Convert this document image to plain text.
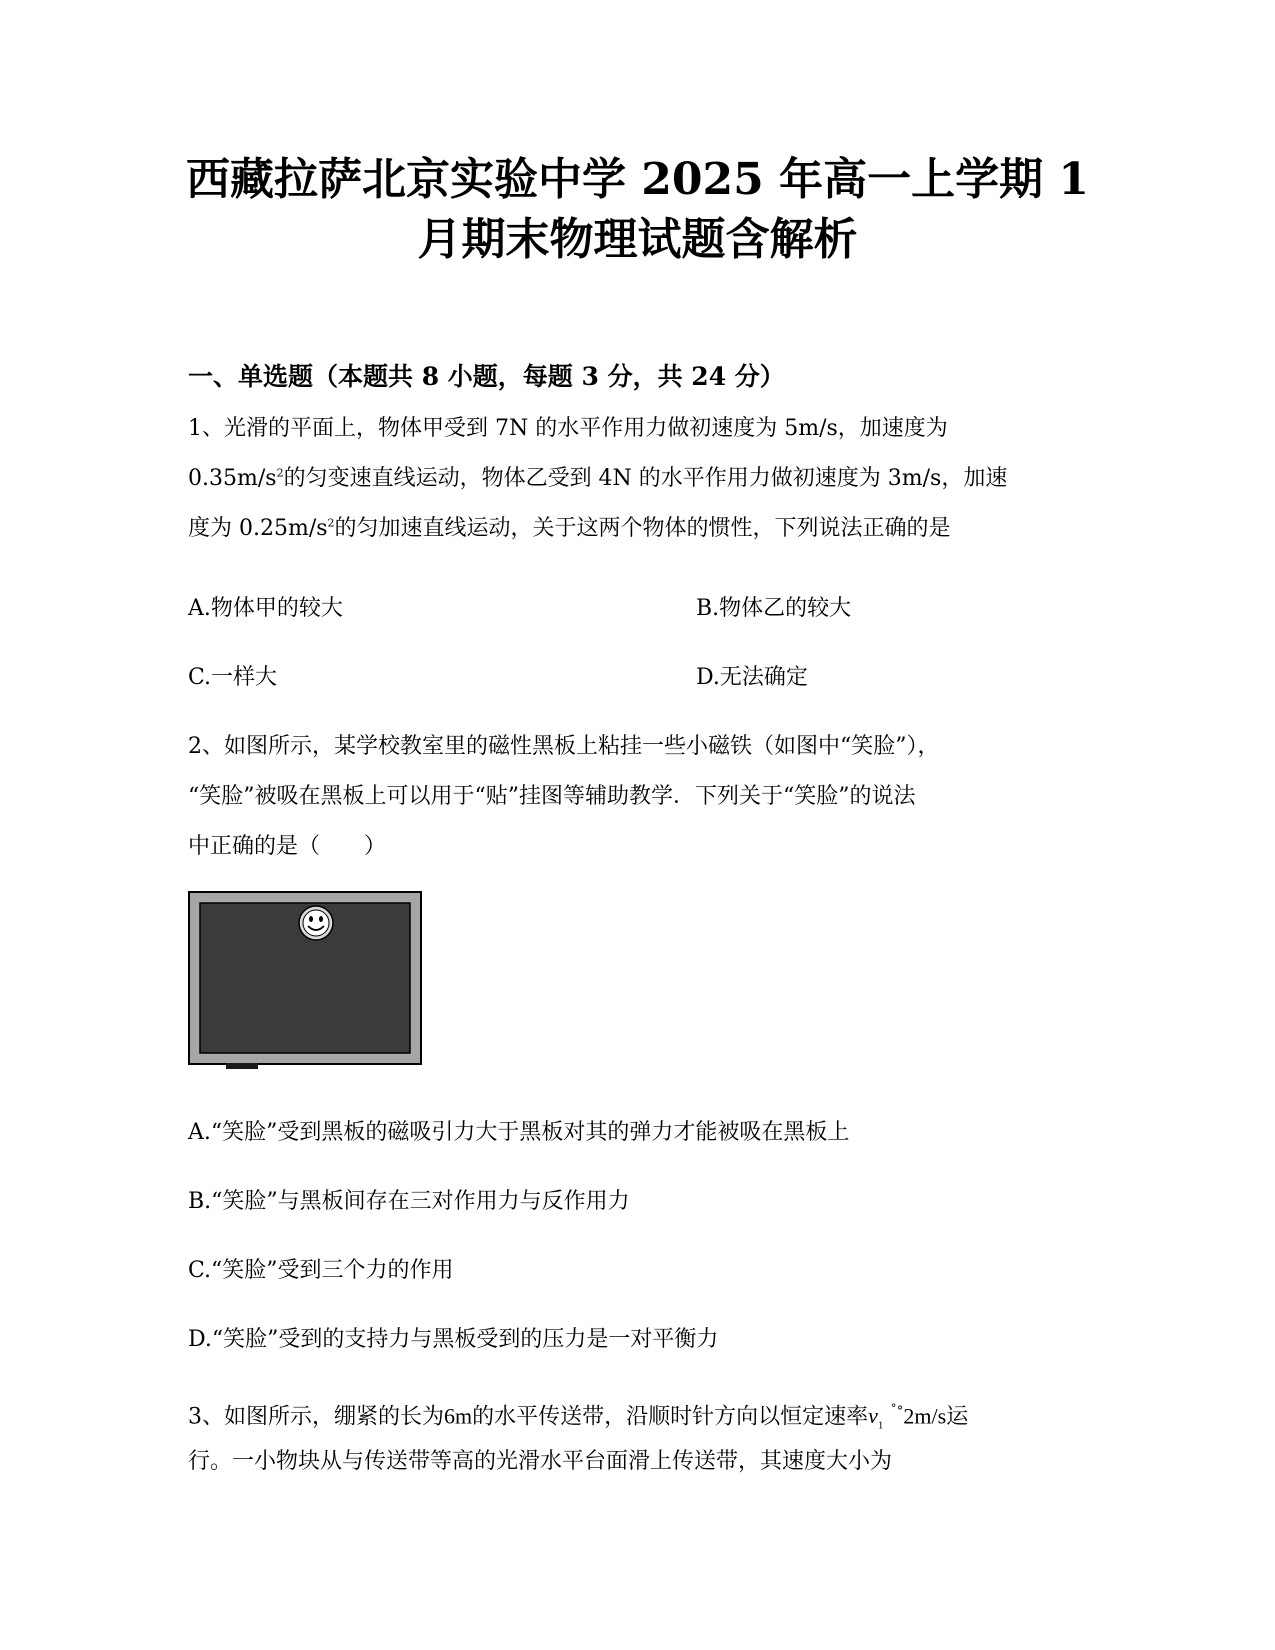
西藏拉萨北京实验中学 2025 年高一上学期 1
月期末物理试题含解析
一、单选题（本题共 8 小题，每题 3 分，共 24 分）
1、光滑的平面上，物体甲受到 7N 的水平作用力做初速度为 5m/s，加速度为
$0.35m/s^2$的匀变速直线运动，物体乙受到 4N 的水平作用力做初速度为 3m/s，加速
度为 $0.25m/s^2$的匀加速直线运动，关于这两个物体的惯性，下列说法正确的是
A.物体甲的较大	B.物体乙的较大
C.一样大	D.无法确定
2、如图所示，某学校教室里的磁性黑板上粘挂一些小磁铁（如图中“笑脸”），
“笑脸”被吸在黑板上可以用于“贴”挂图等辅助教学．下列关于“笑脸”的说法
中正确的是（　　）
A.“笑脸”受到黑板的磁吸引力大于黑板对其的弹力才能被吸在黑板上
B.“笑脸”与黑板间存在三对作用力与反作用力
C.“笑脸”受到三个力的作用
D.“笑脸”受到的支持力与黑板受到的压力是一对平衡力
3、如图所示，绷紧的长为6m的水平传送带，沿顺时针方向以恒定速率$v_1$ ˚°2m/s运
行。一小物块从与传送带等高的光滑水平台面滑上传送带，其速度大小为
